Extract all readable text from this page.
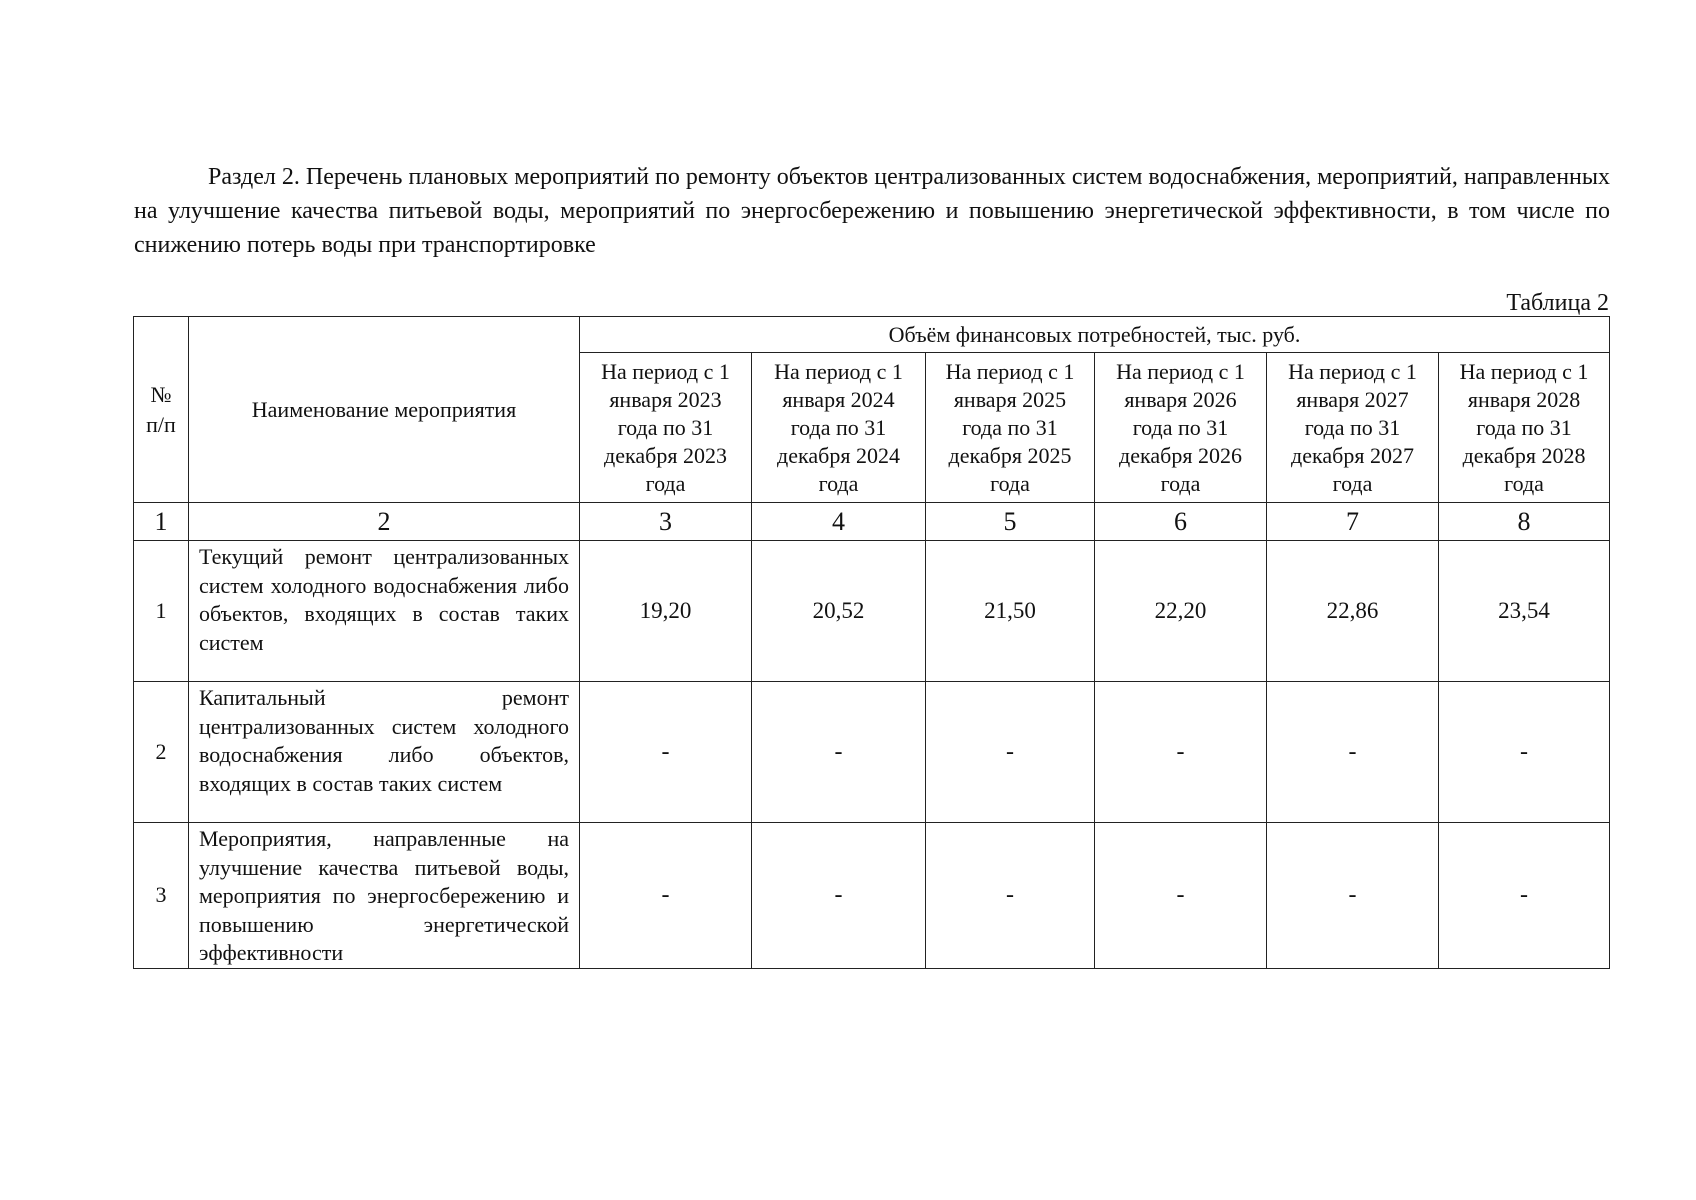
Раздел 2. Перечень плановых мероприятий по ремонту объектов централизованных систем водоснабжения, мероприятий, направленных на улучшение качества питьевой воды, мероприятий по энергосбережению и повышению энергетической эффективности, в том числе по снижению потерь воды при транспортировке

Таблица 2
№ п/п	Наименование мероприятия	Объём финансовых потребностей, тыс. руб.					
		На период с 1 января 2023 года по 31 декабря 2023 года	На период с 1 января 2024 года по 31 декабря 2024 года	На период с 1 января 2025 года по 31 декабря 2025 года	На период с 1 января 2026 года по 31 декабря 2026 года	На период с 1 января 2027 года по 31 декабря 2027 года	На период с 1 января 2028 года по 31 декабря 2028 года
1	2	3	4	5	6	7	8
1	Текущий ремонт централизованных систем холодного водоснабжения либо объектов, входящих в состав таких систем	19,20	20,52	21,50	22,20	22,86	23,54
2	Капитальный ремонт централизованных систем холодного водоснабжения либо объектов, входящих в состав таких систем	-	-	-	-	-	-
3	Мероприятия, направленные на улучшение качества питьевой воды, мероприятия по энергосбережению и повышению энергетической эффективности	-	-	-	-	-	-
